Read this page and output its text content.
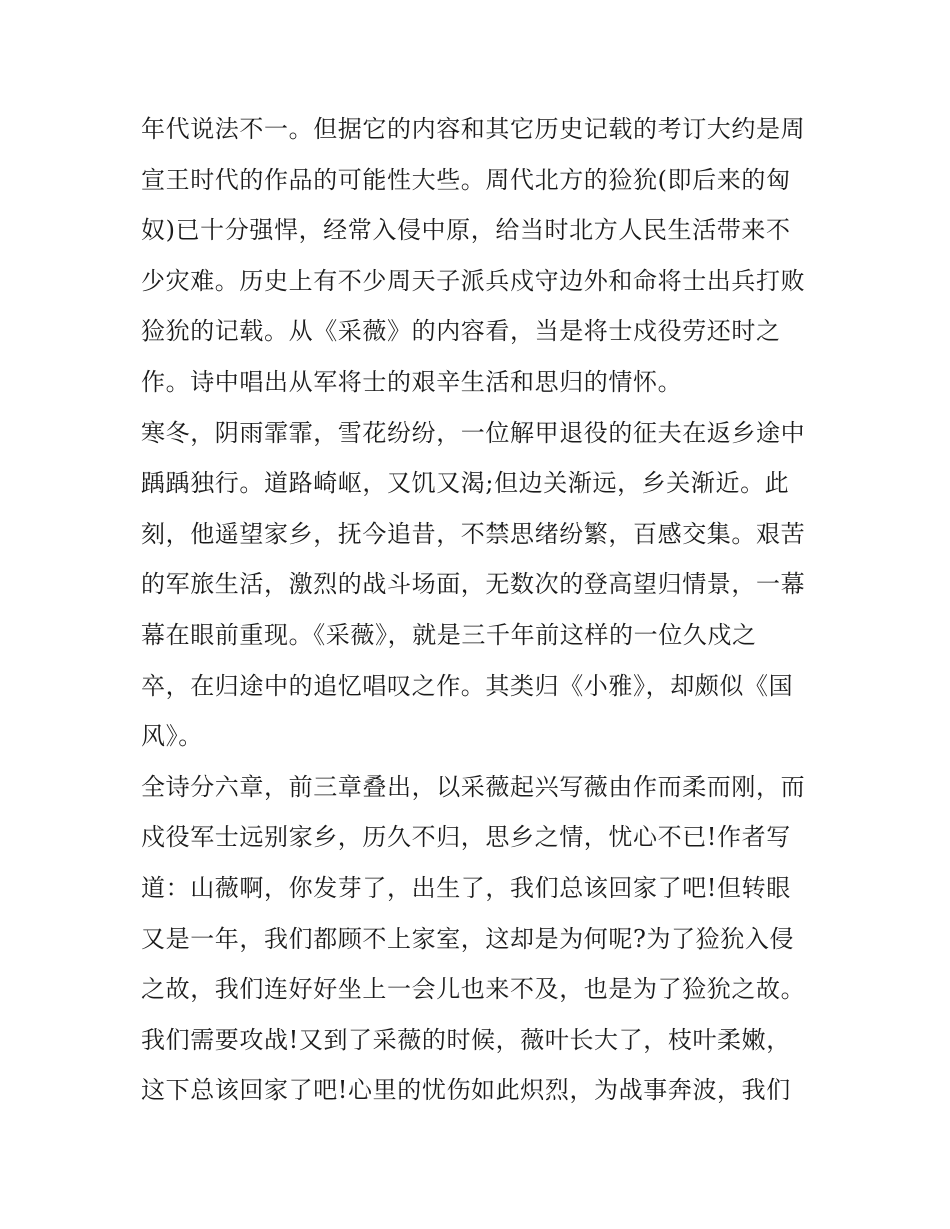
年代说法不一。但据它的内容和其它历史记载的考订大约是周
宣王时代的作品的可能性大些。周代北方的猃狁(即后来的匈
奴)已十分强悍，经常入侵中原，给当时北方人民生活带来不
少灾难。历史上有不少周天子派兵戍守边外和命将士出兵打败
猃狁的记载。从《采薇》的内容看，当是将士戍役劳还时之
作。诗中唱出从军将士的艰辛生活和思归的情怀。
寒冬，阴雨霏霏，雪花纷纷，一位解甲退役的征夫在返乡途中
踽踽独行。道路崎岖，又饥又渴;但边关渐远，乡关渐近。此
刻，他遥望家乡，抚今追昔，不禁思绪纷繁，百感交集。艰苦
的军旅生活，激烈的战斗场面，无数次的登高望归情景，一幕
幕在眼前重现。《采薇》，就是三千年前这样的一位久戍之
卒，在归途中的追忆唱叹之作。其类归《小雅》，却颇似《国
风》。
全诗分六章，前三章叠出，以采薇起兴写薇由作而柔而刚，而
戍役军士远别家乡，历久不归，思乡之情，忧心不已!作者写
道：山薇啊，你发芽了，出生了，我们总该回家了吧!但转眼
又是一年，我们都顾不上家室，这却是为何呢?为了猃狁入侵
之故，我们连好好坐上一会儿也来不及，也是为了猃狁之故。
我们需要攻战!又到了采薇的时候，薇叶长大了，枝叶柔嫩，
这下总该回家了吧!心里的忧伤如此炽烈，为战事奔波，我们
